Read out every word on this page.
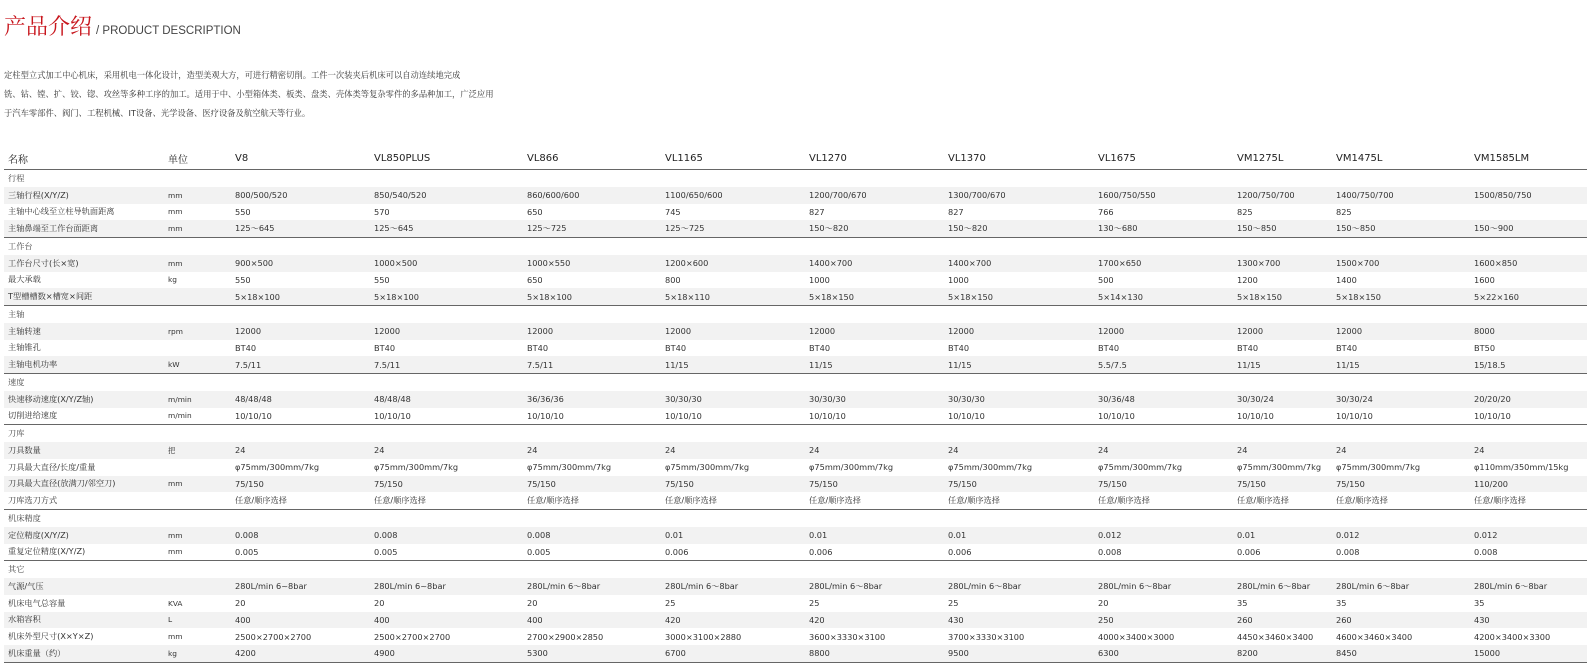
产品介绍 / PRODUCT DESCRIPTION

定柱型立式加工中心机床，采用机电一体化设计，造型美观大方，可进行精密切削。工件一次装夹后机床可以自动连续地完成

铣、钻、镗、扩、铰、锪、攻丝等多种工序的加工。适用于中、小型箱体类、板类、盘类、壳体类等复杂零件的多品种加工，广泛应用

于汽车零部件、阀门、工程机械、IT设备、光学设备、医疗设备及航空航天等行业。

名称	单位	V8	VL850PLUS	VL866	VL1165	VL1270	VL1370	VL1675	VM1275L	VM1475L	VM1585LM
行程											
三轴行程(X/Y/Z)	mm	800/500/520	850/540/520	860/600/600	1100/650/600	1200/700/670	1300/700/670	1600/750/550	1200/750/700	1400/750/700	1500/850/750
主轴中心线至立柱导轨面距离	mm	550	570	650	745	827	827	766	825	825	
主轴鼻端至工作台面距离	mm	125～645	125～645	125～725	125～725	150～820	150～820	130～680	150～850	150～850	150～900
工作台											
工作台尺寸(长×宽)	mm	900×500	1000×500	1000×550	1200×600	1400×700	1400×700	1700×650	1300×700	1500×700	1600×850
最大承载	kg	550	550	650	800	1000	1000	500	1200	1400	1600
T型槽槽数×槽宽×间距		5×18×100	5×18×100	5×18×100	5×18×110	5×18×150	5×18×150	5×14×130	5×18×150	5×18×150	5×22×160
主轴											
主轴转速	rpm	12000	12000	12000	12000	12000	12000	12000	12000	12000	8000
主轴锥孔		BT40	BT40	BT40	BT40	BT40	BT40	BT40	BT40	BT40	BT50
主轴电机功率	kW	7.5/11	7.5/11	7.5/11	11/15	11/15	11/15	5.5/7.5	11/15	11/15	15/18.5
速度											
快速移动速度(X/Y/Z轴)	m/min	48/48/48	48/48/48	36/36/36	30/30/30	30/30/30	30/30/30	30/36/48	30/30/24	30/30/24	20/20/20
切削进给速度	m/min	10/10/10	10/10/10	10/10/10	10/10/10	10/10/10	10/10/10	10/10/10	10/10/10	10/10/10	10/10/10
刀库											
刀具数量	把	24	24	24	24	24	24	24	24	24	24
刀具最大直径/长度/重量		φ75mm/300mm/7kg	φ75mm/300mm/7kg	φ75mm/300mm/7kg	φ75mm/300mm/7kg	φ75mm/300mm/7kg	φ75mm/300mm/7kg	φ75mm/300mm/7kg	φ75mm/300mm/7kg	φ75mm/300mm/7kg	φ110mm/350mm/15kg
刀具最大直径(放满刀/邻空刀)	mm	75/150	75/150	75/150	75/150	75/150	75/150	75/150	75/150	75/150	110/200
刀库选刀方式		任意/顺序选择	任意/顺序选择	任意/顺序选择	任意/顺序选择	任意/顺序选择	任意/顺序选择	任意/顺序选择	任意/顺序选择	任意/顺序选择	任意/顺序选择
机床精度											
定位精度(X/Y/Z)	mm	0.008	0.008	0.008	0.01	0.01	0.01	0.012	0.01	0.012	0.012
重复定位精度(X/Y/Z)	mm	0.005	0.005	0.005	0.006	0.006	0.006	0.008	0.006	0.008	0.008
其它											
气源/气压		280L/min 6~8bar	280L/min 6~8bar	280L/min 6～8bar	280L/min 6～8bar	280L/min 6～8bar	280L/min 6～8bar	280L/min 6～8bar	280L/min 6～8bar	280L/min 6～8bar	280L/min 6～8bar
机床电气总容量	KVA	20	20	20	25	25	25	20	35	35	35
水箱容积	L	400	400	400	420	420	430	250	260	260	430
机床外型尺寸(X×Y×Z)	mm	2500×2700×2700	2500×2700×2700	2700×2900×2850	3000×3100×2880	3600×3330×3100	3700×3330×3100	4000×3400×3000	4450×3460×3400	4600×3460×3400	4200×3400×3300
机床重量（约）	kg	4200	4900	5300	6700	8800	9500	6300	8200	8450	15000
